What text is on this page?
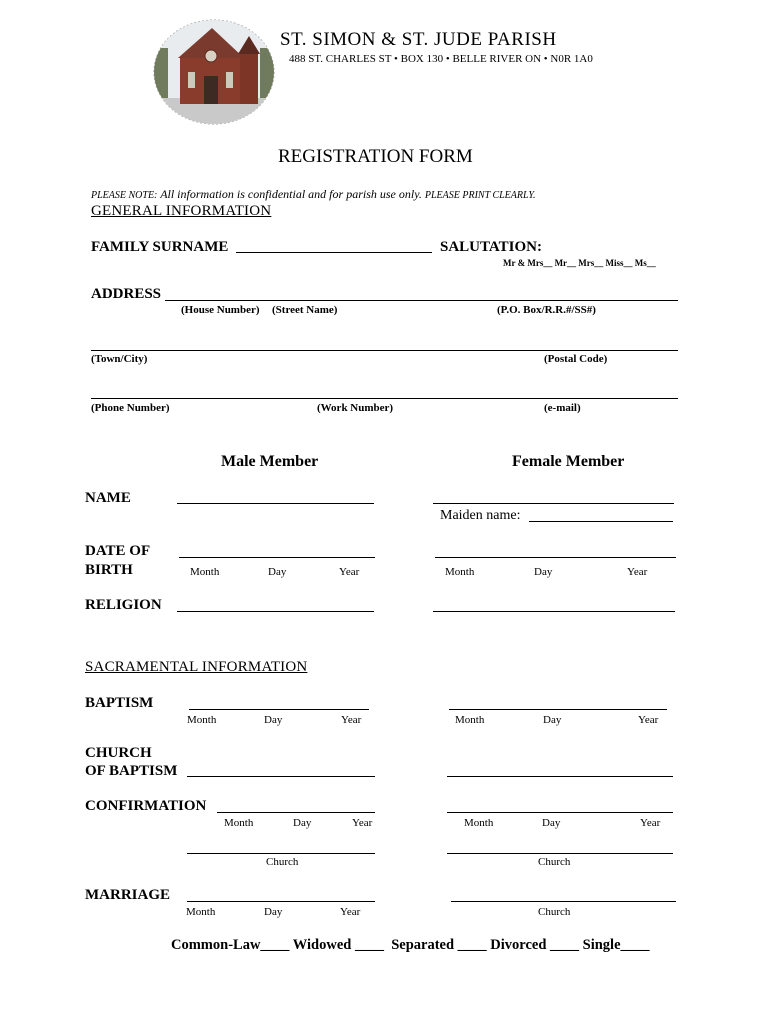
ST. SIMON & ST. JUDE PARISH
488 ST. CHARLES ST • BOX 130 • BELLE RIVER ON • N0R 1A0
REGISTRATION FORM
PLEASE NOTE: All information is confidential and for parish use only. PLEASE PRINT CLEARLY.
GENERAL INFORMATION
FAMILY SURNAME	SALUTATION:
Mr & Mrs__ Mr__ Mrs__ Miss__ Ms__
ADDRESS
(House Number) (Street Name)	(P.O. Box/R.R.#/SS#)
(Town/City)	(Postal Code)
(Phone Number)	(Work Number)	(e-mail)
Male Member	Female Member
NAME
Maiden name:
DATE OF
BIRTH	Month	Day	Year	Month	Day	Year
RELIGION
SACRAMENTAL INFORMATION
BAPTISM
Month	Day	Year	Month	Day	Year
CHURCH
OF BAPTISM
CONFIRMATION
Month	Day	Year	Month	Day	Year
Church	Church
MARRIAGE
Month	Day	Year	Church
Common-Law____ Widowed ____  Separated ____ Divorced ____ Single____
